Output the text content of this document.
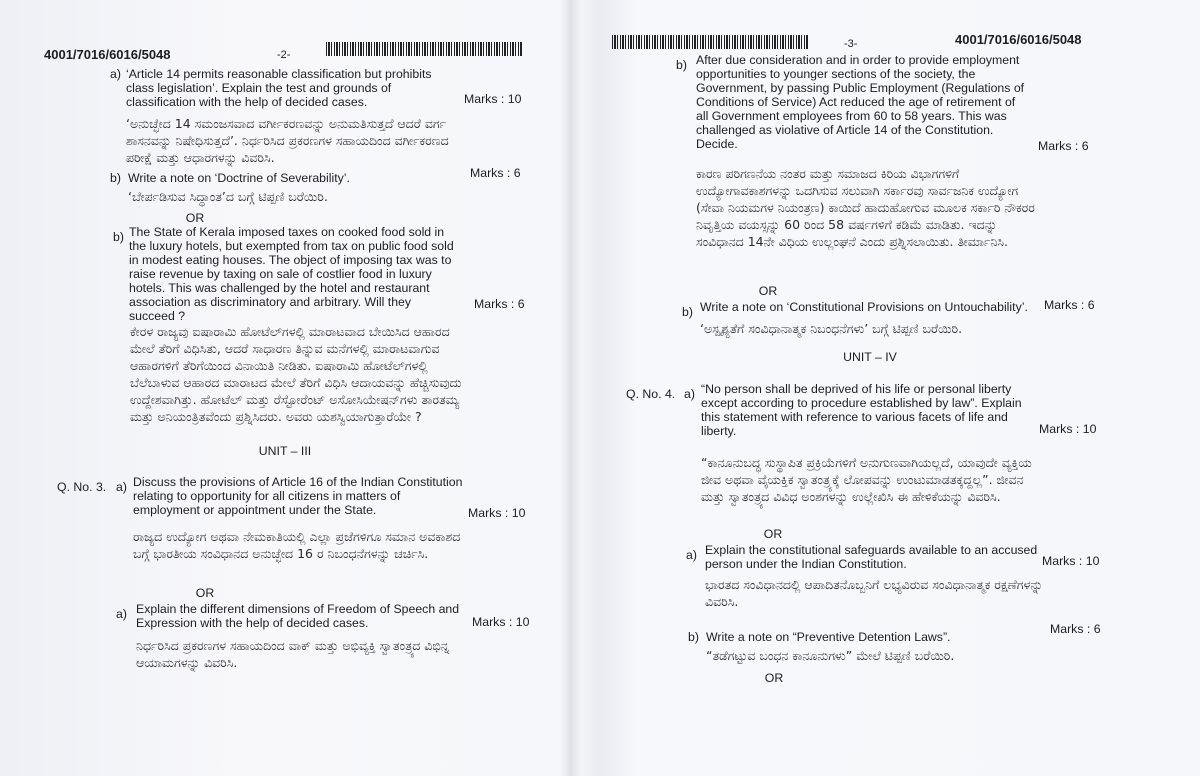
4001/7016/6016/5048	-2-
a) ‘Article 14 permits reasonable classification but prohibits class legislation’. Explain the test and grounds of classification with the help of decided cases.	Marks : 10
‘ಅನುಚ್ಛೇದ 14 ಸಮಂಜಸವಾದ ವರ್ಗೀಕರಣವನ್ನು ಅನುಮತಿಸುತ್ತದೆ ಆದರೆ ವರ್ಗ ಶಾಸನವನ್ನು ನಿಷೇಧಿಸುತ್ತದೆ’. ನಿರ್ಧರಿಸಿದ ಪ್ರಕರಣಗಳ ಸಹಾಯದಿಂದ ವರ್ಗೀಕರಣದ ಪರೀಕ್ಷೆ ಮತ್ತು ಆಧಾರಗಳನ್ನು ವಿವರಿಸಿ.
b) Write a note on ‘Doctrine of Severability’.	Marks : 6
‘ಬೇರ್ಪಡಿಸುವ ಸಿದ್ಧಾಂತ’ದ ಬಗ್ಗೆ ಟಿಪ್ಪಣಿ ಬರೆಯಿರಿ.
OR
b) The State of Kerala imposed taxes on cooked food sold in the luxury hotels, but exempted from tax on public food sold in modest eating houses. The object of imposing tax was to raise revenue by taxing on sale of costlier food in luxury hotels. This was challenged by the hotel and restaurant association as discriminatory and arbitrary. Will they succeed ?
Marks : 6
ಕೇರಳ ರಾಜ್ಯವು ಐಷಾರಾಮಿ ಹೋಟೆಲ್‌ಗಳಲ್ಲಿ ಮಾರಾಟವಾದ ಬೇಯಿಸಿದ ಆಹಾರದ ಮೇಲೆ ತೆರಿಗೆ ವಿಧಿಸಿತು, ಆದರೆ ಸಾಧಾರಣ ತಿನ್ನುವ ಮನೆಗಳಲ್ಲಿ ಮಾರಾಟವಾಗುವ ಆಹಾರಗಳಿಗೆ ತೆರಿಗೆಯಿಂದ ವಿನಾಯಿತಿ ನೀಡಿತು. ಐಷಾರಾಮಿ ಹೋಟೆಲ್‌ಗಳಲ್ಲಿ ಬೆಲೆಬಾಳುವ ಆಹಾರದ ಮಾರಾಟದ ಮೇಲೆ ತೆರಿಗೆ ವಿಧಿಸಿ ಆದಾಯವನ್ನು ಹೆಚ್ಚಿಸುವುದು ಉದ್ದೇಶವಾಗಿತ್ತು. ಹೋಟೆಲ್ ಮತ್ತು ರೆಸ್ಟೋರೆಂಟ್ ಅಸೋಸಿಯೇಷನ್‌ಗಳು ತಾರತಮ್ಯ ಮತ್ತು ಅನಿಯಂತ್ರಿತವೆಂದು ಪ್ರಶ್ನಿಸಿದರು. ಅವರು ಯಶಸ್ವಿಯಾಗುತ್ತಾರೆಯೇ ?
UNIT – III
Q. No. 3. a) Discuss the provisions of Article 16 of the Indian Constitution relating to opportunity for all citizens in matters of employment or appointment under the State.	Marks : 10
ರಾಜ್ಯದ ಉದ್ಯೋಗ ಅಥವಾ ನೇಮಕಾತಿಯಲ್ಲಿ ಎಲ್ಲಾ ಪ್ರಜೆಗಳಿಗೂ ಸಮಾನ ಅವಕಾಶದ ಬಗ್ಗೆ ಭಾರತೀಯ ಸಂವಿಧಾನದ ಅನುಚ್ಛೇದ 16 ರ ನಿಬಂಧನೆಗಳನ್ನು ಚರ್ಚಿಸಿ.
OR
a) Explain the different dimensions of Freedom of Speech and Expression with the help of decided cases.	Marks : 10
ನಿರ್ಧರಿಸಿದ ಪ್ರಕರಣಗಳ ಸಹಾಯದಿಂದ ವಾಕ್ ಮತ್ತು ಅಭಿವ್ಯಕ್ತಿ ಸ್ವಾತಂತ್ರ್ಯದ ವಿಭಿನ್ನ ಆಯಾಮಗಳನ್ನು ವಿವರಿಸಿ.
-3-	4001/7016/6016/5048
b) After due consideration and in order to provide employment opportunities to younger sections of the society, the Government, by passing Public Employment (Regulations of Conditions of Service) Act reduced the age of retirement of all Government employees from 60 to 58 years. This was challenged as violative of Article 14 of the Constitution. Decide.	Marks : 6
ಕಾರಣ ಪರಿಗಣನೆಯ ನಂತರ ಮತ್ತು ಸಮಾಜದ ಕಿರಿಯ ವಿಭಾಗಗಳಿಗೆ ಉದ್ಯೋಗಾವಕಾಶಗಳನ್ನು ಒದಗಿಸುವ ಸಲುವಾಗಿ ಸರ್ಕಾರವು ಸಾರ್ವಜನಿಕ ಉದ್ಯೋಗ (ಸೇವಾ ನಿಯಮಗಳ ನಿಯಂತ್ರಣ) ಕಾಯಿದೆ ಹಾದುಹೋಗುವ ಮೂಲಕ ಸರ್ಕಾರಿ ನೌಕರರ ನಿವೃತ್ತಿಯ ವಯಸ್ಸನ್ನು 60 ರಿಂದ 58 ವರ್ಷಗಳಿಗೆ ಕಡಿಮೆ ಮಾಡಿತು. ಇದನ್ನು ಸಂವಿಧಾನದ 14ನೇ ವಿಧಿಯ ಉಲ್ಲಂಘನೆ ಎಂದು ಪ್ರಶ್ನಿಸಲಾಯಿತು. ತೀರ್ಮಾನಿಸಿ.
OR
b) Write a note on ‘Constitutional Provisions on Untouchability’.	Marks : 6
‘ಅಸ್ಪೃಶ್ಯತೆಗೆ ಸಂವಿಧಾನಾತ್ಮಕ ನಿಬಂಧನೆಗಳು’ ಬಗ್ಗೆ ಟಿಪ್ಪಣಿ ಬರೆಯಿರಿ.
UNIT – IV
Q. No. 4. a) “No person shall be deprived of his life or personal liberty except according to procedure established by law”. Explain this statement with reference to various facets of life and liberty.	Marks : 10
“ಕಾನೂನುಬದ್ಧ ಸುಸ್ಥಾಪಿತ ಪ್ರಕ್ರಿಯೆಗಳಿಗೆ ಅನುಗುಣವಾಗಿಯಲ್ಲದೆ, ಯಾವುದೇ ವ್ಯಕ್ತಿಯ ಜೀವ ಅಥವಾ ವೈಯಕ್ತಿಕ ಸ್ವಾತಂತ್ರ್ಯಕ್ಕೆ ಲೋಪವನ್ನು ಉಂಟುಮಾಡತಕ್ಕದ್ದಲ್ಲ”. ಜೀವನ ಮತ್ತು ಸ್ವಾತಂತ್ರ್ಯದ ವಿವಿಧ ಅಂಶಗಳನ್ನು ಉಲ್ಲೇಖಿಸಿ ಈ ಹೇಳಿಕೆಯನ್ನು ವಿವರಿಸಿ.
OR
a) Explain the constitutional safeguards available to an accused person under the Indian Constitution.	Marks : 10
ಭಾರತದ ಸಂವಿಧಾನದಲ್ಲಿ ಆಪಾದಿತನೊಬ್ಬನಿಗೆ ಲಭ್ಯವಿರುವ ಸಂವಿಧಾನಾತ್ಮಕ ರಕ್ಷಣೆಗಳನ್ನು ವಿವರಿಸಿ.
b) Write a note on “Preventive Detention Laws”.
Marks : 6
“ತಡೆಗಟ್ಟುವ ಬಂಧನ ಕಾನೂನುಗಳು” ಮೇಲೆ ಟಿಪ್ಪಣಿ ಬರೆಯಿರಿ.
OR
